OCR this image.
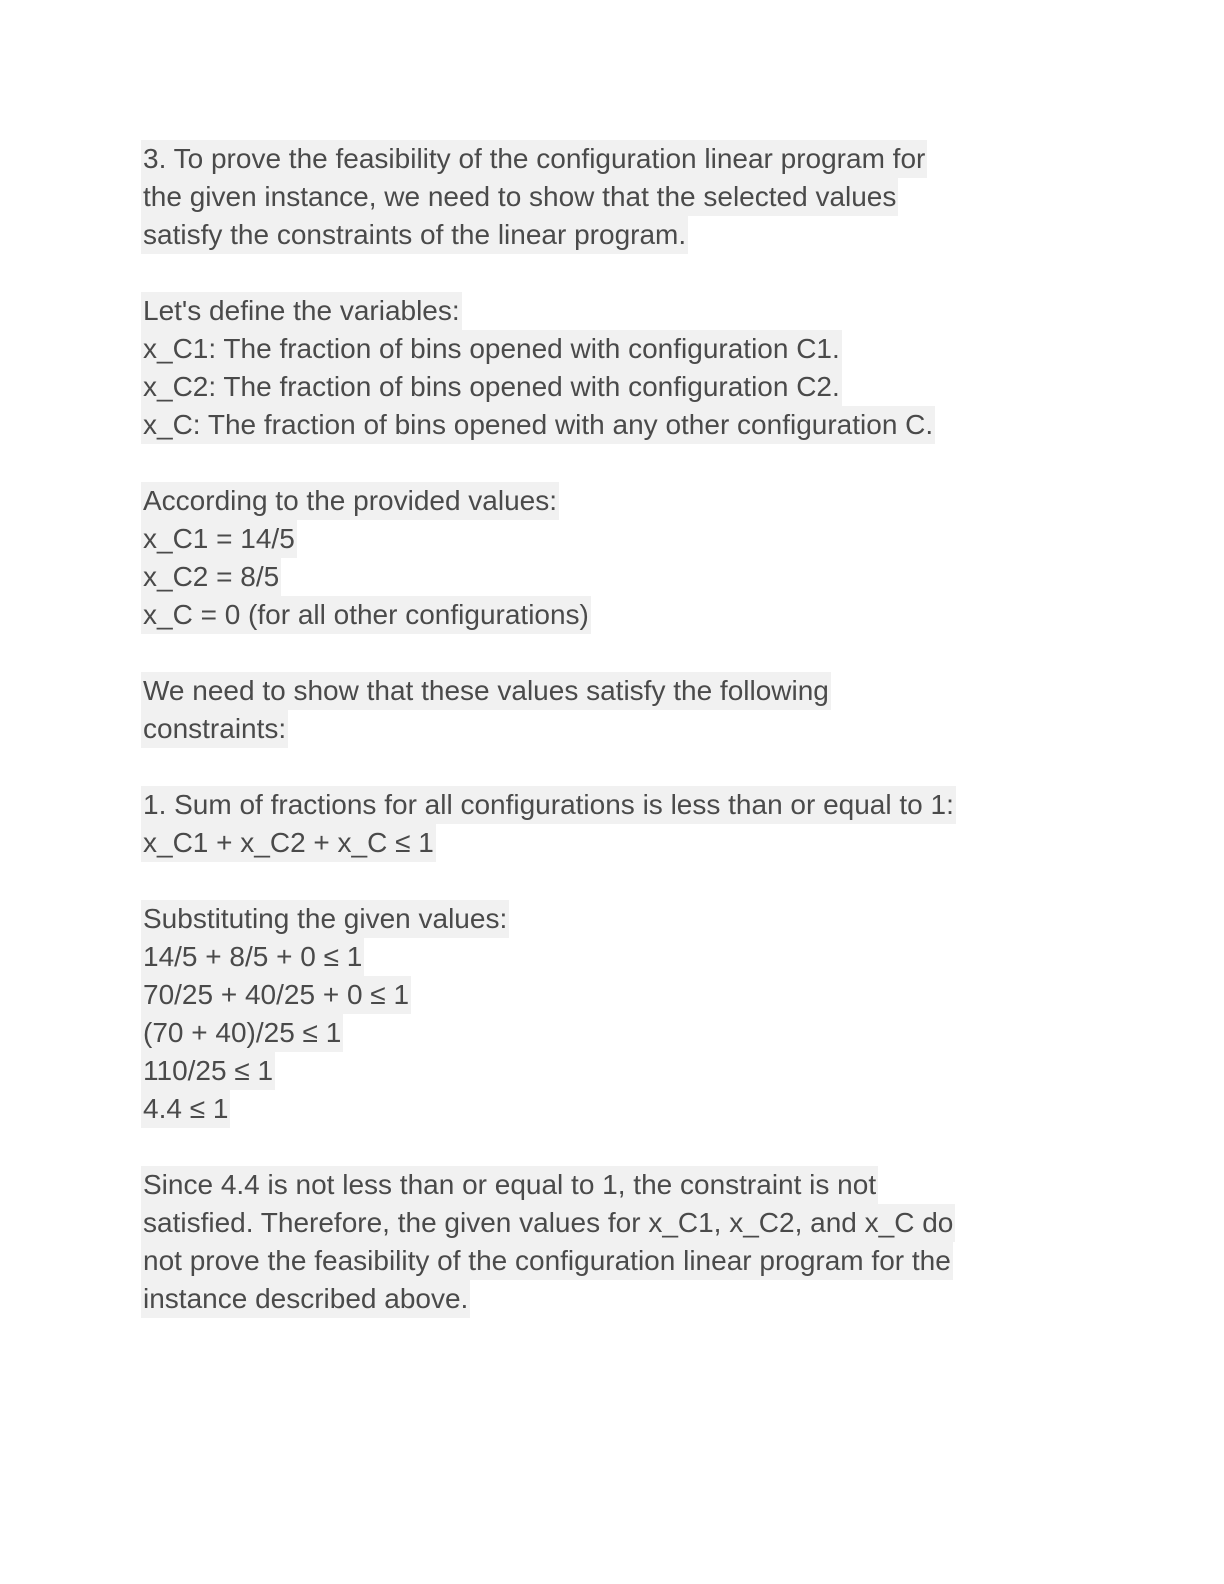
3. To prove the feasibility of the configuration linear program for
the given instance, we need to show that the selected values
satisfy the constraints of the linear program.
Let's define the variables:
x_C1: The fraction of bins opened with configuration C1.
x_C2: The fraction of bins opened with configuration C2.
x_C: The fraction of bins opened with any other configuration C.
According to the provided values:
x_C1 = 14/5
x_C2 = 8/5
x_C = 0 (for all other configurations)
We need to show that these values satisfy the following
constraints:
1. Sum of fractions for all configurations is less than or equal to 1:
x_C1 + x_C2 + x_C ≤ 1
Substituting the given values:
14/5 + 8/5 + 0 ≤ 1
70/25 + 40/25 + 0 ≤ 1
(70 + 40)/25 ≤ 1
110/25 ≤ 1
4.4 ≤ 1
Since 4.4 is not less than or equal to 1, the constraint is not
satisfied. Therefore, the given values for x_C1, x_C2, and x_C do
not prove the feasibility of the configuration linear program for the
instance described above.
